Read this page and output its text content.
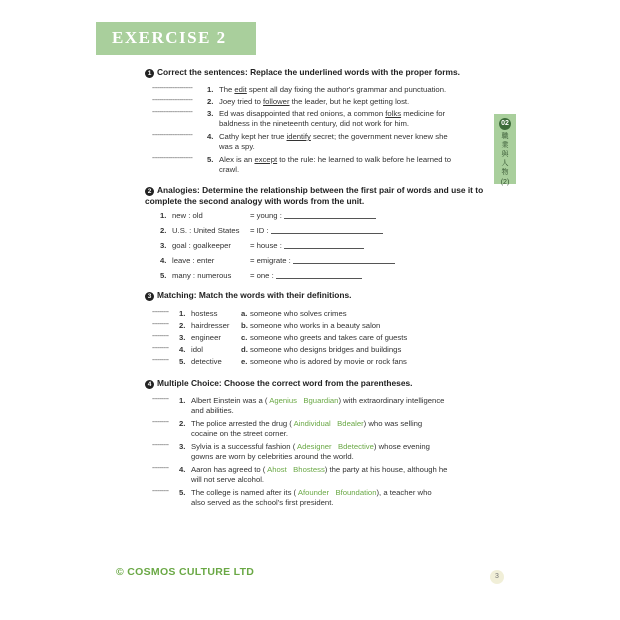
EXERCISE 2
02
職業與人物
(2)
1 Correct the sentences: Replace the underlined words with the proper forms.
---------------------- 1. The edit spent all day fixing the author's grammar and punctuation.
---------------------- 2. Joey tried to follower the leader, but he kept getting lost.
---------------------- 3. Ed was disappointed that red onions, a common folks medicine for
baldness in the nineteenth century, did not work for him.
---------------------- 4. Cathy kept her true identify secret; the government never knew she
was a spy.
---------------------- 5. Alex is an except to the rule: he learned to walk before he learned to
crawl.
2 Analogies: Determine the relationship between the first pair of words and use it to
complete the second analogy with words from the unit.
1. new : old	= young :
2. U.S. : United States = ID :
3. goal : goalkeeper = house :
4. leave : enter	= emigrate :
5. many : numerous = one :
3 Matching: Match the words with their definitions.
--------- 1. hostess	a. someone who solves crimes
--------- 2. hairdresser b. someone who works in a beauty salon
--------- 3. engineer	c. someone who greets and takes care of guests
--------- 4. idol	d. someone who designs bridges and buildings
--------- 5. detective e. someone who is adored by movie or rock fans
4 Multiple Choice: Choose the correct word from the parentheses.
--------- 1. Albert Einstein was a ( Agenius Bguardian) with extraordinary intelligence
and abilities.
--------- 2. The police arrested the drug ( Aindividual Bdealer) who was selling
cocaine on the street corner.
--------- 3. Sylvia is a successful fashion ( Adesigner Bdetective) whose evening
gowns are worn by celebrities around the world.
--------- 4. Aaron has agreed to ( Ahost Bhostess) the party at his house, although he
will not serve alcohol.
--------- 5. The college is named after its ( Afounder Bfoundation), a teacher who
also served as the school's first president.
© COSMOS CULTURE LTD	3
